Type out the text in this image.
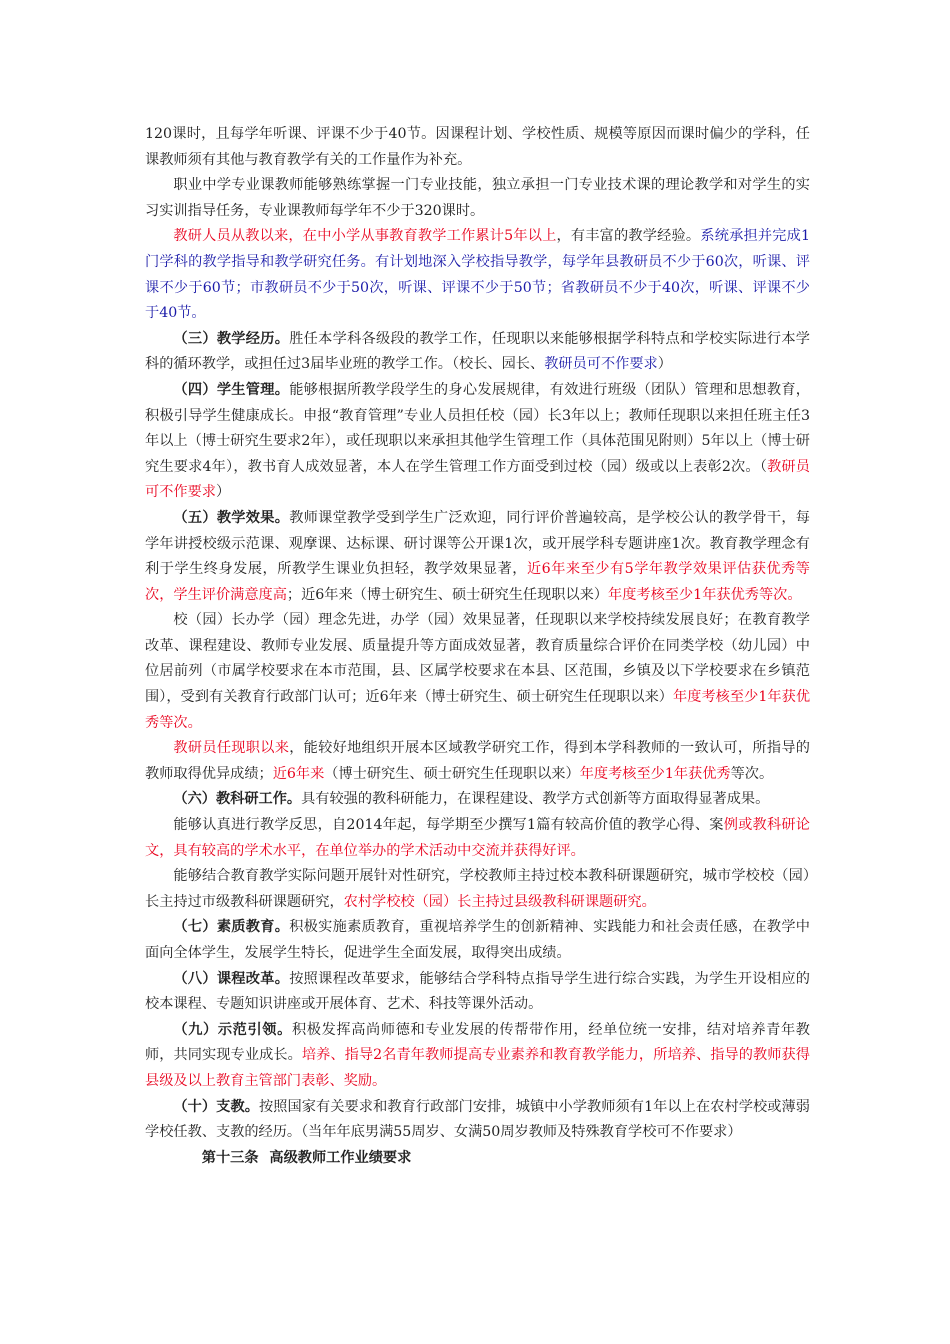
120课时，且每学年听课、评课不少于40节。因课程计划、学校性质、规模等原因而课时偏少的学科，任课教师须有其他与教育教学有关的工作量作为补充。

职业中学专业课教师能够熟练掌握一门专业技能，独立承担一门专业技术课的理论教学和对学生的实习实训指导任务，专业课教师每学年不少于320课时。

教研人员从教以来，在中小学从事教育教学工作累计5年以上，有丰富的教学经验。系统承担并完成1门学科的教学指导和教学研究任务。有计划地深入学校指导教学，每学年县教研员不少于60次，听课、评课不少于60节；市教研员不少于50次，听课、评课不少于50节；省教研员不少于40次，听课、评课不少于40节。

（三）教学经历。胜任本学科各级段的教学工作，任现职以来能够根据学科特点和学校实际进行本学科的循环教学，或担任过3届毕业班的教学工作。（校长、园长、教研员可不作要求）

（四）学生管理。能够根据所教学段学生的身心发展规律，有效进行班级（团队）管理和思想教育，积极引导学生健康成长。申报“教育管理”专业人员担任校（园）长3年以上；教师任现职以来担任班主任3年以上（博士研究生要求2年），或任现职以来承担其他学生管理工作（具体范围见附则）5年以上（博士研究生要求4年），教书育人成效显著，本人在学生管理工作方面受到过校（园）级或以上表彰2次。（教研员可不作要求）

（五）教学效果。教师课堂教学受到学生广泛欢迎，同行评价普遍较高，是学校公认的教学骨干，每学年讲授校级示范课、观摩课、达标课、研讨课等公开课1次，或开展学科专题讲座1次。教育教学理念有利于学生终身发展，所教学生课业负担轻，教学效果显著，近6年来至少有5学年教学效果评估获优秀等次，学生评价满意度高；近6年来（博士研究生、硕士研究生任现职以来）年度考核至少1年获优秀等次。

校（园）长办学（园）理念先进，办学（园）效果显著，任现职以来学校持续发展良好；在教育教学改革、课程建设、教师专业发展、质量提升等方面成效显著，教育质量综合评价在同类学校（幼儿园）中位居前列（市属学校要求在本市范围，县、区属学校要求在本县、区范围，乡镇及以下学校要求在乡镇范围），受到有关教育行政部门认可；近6年来（博士研究生、硕士研究生任现职以来）年度考核至少1年获优秀等次。

教研员任现职以来，能较好地组织开展本区域教学研究工作，得到本学科教师的一致认可，所指导的教师取得优异成绩；近6年来（博士研究生、硕士研究生任现职以来）年度考核至少1年获优秀等次。

（六）教科研工作。具有较强的教科研能力，在课程建设、教学方式创新等方面取得显著成果。

能够认真进行教学反思，自2014年起，每学期至少撰写1篇有较高价值的教学心得、案例或教科研论文，具有较高的学术水平，在单位举办的学术活动中交流并获得好评。

能够结合教育教学实际问题开展针对性研究，学校教师主持过校本教科研课题研究，城市学校校（园）长主持过市级教科研课题研究，农村学校校（园）长主持过县级教科研课题研究。

（七）素质教育。积极实施素质教育，重视培养学生的创新精神、实践能力和社会责任感，在教学中面向全体学生，发展学生特长，促进学生全面发展，取得突出成绩。

（八）课程改革。按照课程改革要求，能够结合学科特点指导学生进行综合实践，为学生开设相应的校本课程、专题知识讲座或开展体育、艺术、科技等课外活动。

（九）示范引领。积极发挥高尚师德和专业发展的传帮带作用，经单位统一安排，结对培养青年教师，共同实现专业成长。培养、指导2名青年教师提高专业素养和教育教学能力，所培养、指导的教师获得县级及以上教育主管部门表彰、奖励。

（十）支教。按照国家有关要求和教育行政部门安排，城镇中小学教师须有1年以上在农村学校或薄弱学校任教、支教的经历。（当年年底男满55周岁、女满50周岁教师及特殊教育学校可不作要求）

第十三条 高级教师工作业绩要求
